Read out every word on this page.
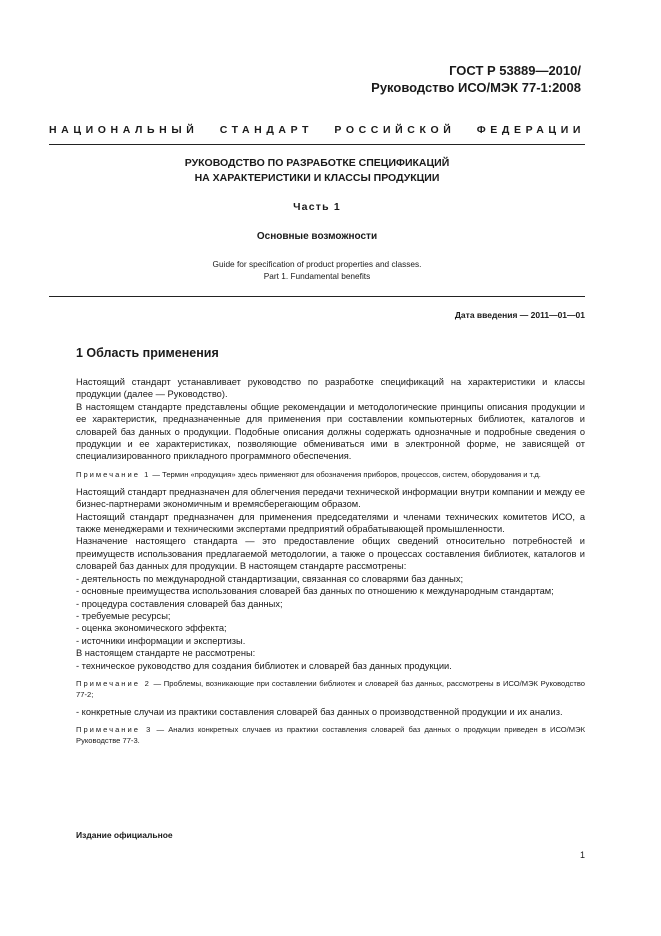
ГОСТ Р 53889—2010/
Руководство ИСО/МЭК 77-1:2008
НАЦИОНАЛЬНЫЙ СТАНДАРТ РОССИЙСКОЙ ФЕДЕРАЦИИ
РУКОВОДСТВО ПО РАЗРАБОТКЕ СПЕЦИФИКАЦИЙ
НА ХАРАКТЕРИСТИКИ И КЛАССЫ ПРОДУКЦИИ
Часть 1
Основные возможности
Guide for specification of product properties and classes.
Part 1. Fundamental benefits
Дата введения — 2011—01—01
1 Область применения

Настоящий стандарт устанавливает руководство по разработке спецификаций на характеристики и классы продукции (далее — Руководство).

В настоящем стандарте представлены общие рекомендации и методологические принципы описания продукции и ее характеристик, предназначенные для применения при составлении компьютерных библиотек, каталогов и словарей баз данных о продукции. Подобные описания должны содержать однозначные и подробные сведения о продукции и ее характеристиках, позволяющие обмениваться ими в электронной форме, не зависящей от специализированного прикладного программного обеспечения.

Примечание 1 — Термин «продукция» здесь применяют для обозначения приборов, процессов, систем, оборудования и т.д.

Настоящий стандарт предназначен для облегчения передачи технической информации внутри компании и между ее бизнес-партнерами экономичным и времясберегающим образом.

Настоящий стандарт предназначен для применения председателями и членами технических комитетов ИСО, а также менеджерами и техническими экспертами предприятий обрабатывающей промышленности.

Назначение настоящего стандарта — это предоставление общих сведений относительно потребностей и преимуществ использования предлагаемой методологии, а также о процессах составления библиотек, каталогов и словарей баз данных для продукции. В настоящем стандарте рассмотрены:

- деятельность по международной стандартизации, связанная со словарями баз данных;

- основные преимущества использования словарей баз данных по отношению к международным стандартам;

- процедура составления словарей баз данных;

- требуемые ресурсы;

- оценка экономического эффекта;

- источники информации и экспертизы.

В настоящем стандарте не рассмотрены:

- техническое руководство для создания библиотек и словарей баз данных продукции.

Примечание 2 — Проблемы, возникающие при составлении библиотек и словарей баз данных, рассмотрены в ИСО/МЭК Руководство 77-2;

- конкретные случаи из практики составления словарей баз данных о производственной продукции и их анализ.

Примечание 3 — Анализ конкретных случаев из практики составления словарей баз данных о продукции приведен в ИСО/МЭК Руководстве 77-3.

Издание официальное
1
